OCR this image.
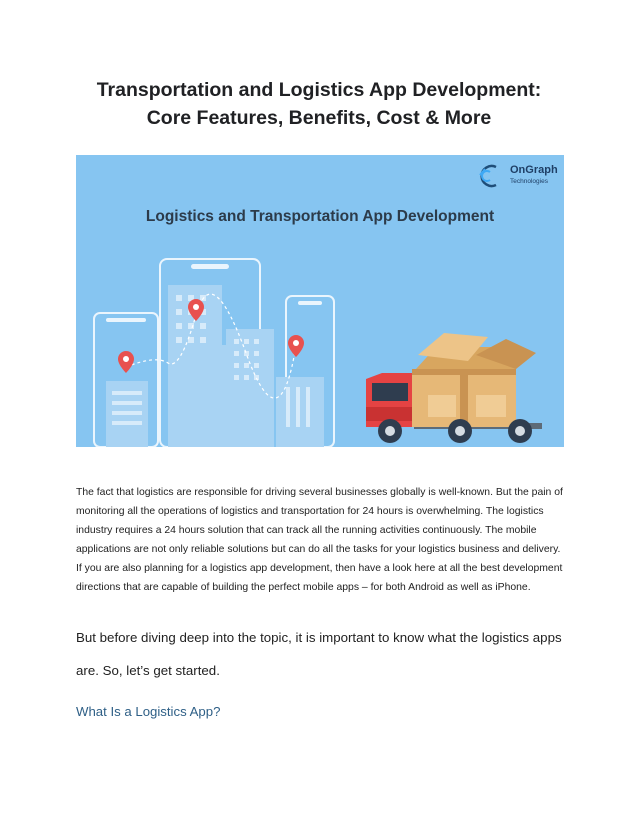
Transportation and Logistics App Development:
Core Features, Benefits, Cost & More
OnGraph
Technologies
Logistics and Transportation App Development

The fact that logistics are responsible for driving several businesses globally is well-known. But the pain of monitoring all the operations of logistics and transportation for 24 hours is overwhelming. The logistics industry requires a 24 hours solution that can track all the running activities continuously. The mobile applications are not only reliable solutions but can do all the tasks for your logistics business and delivery. If you are also planning for a logistics app development, then have a look here at all the best development directions that are capable of building the perfect mobile apps – for both Android as well as iPhone.

But before diving deep into the topic, it is important to know what the logistics apps are. So, let’s get started.

What Is a Logistics App?
